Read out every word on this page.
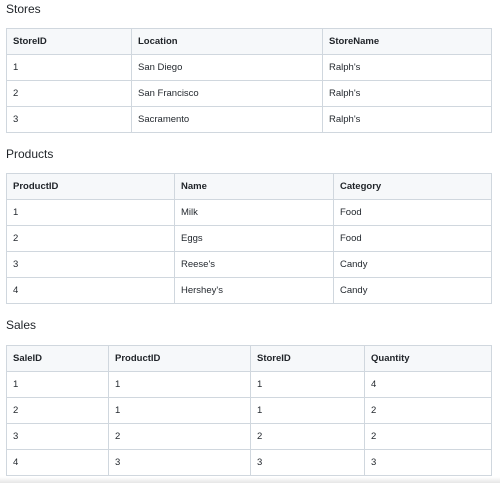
Stores
StoreID	Location	StoreName
1	San Diego	Ralph's
2	San Francisco	Ralph's
3	Sacramento	Ralph's
Products
ProductID	Name	Category
1	Milk	Food
2	Eggs	Food
3	Reese's	Candy
4	Hershey's	Candy
Sales
SaleID	ProductID	StoreID	Quantity
1	1	1	4
2	1	1	2
3	2	2	2
4	3	3	3
